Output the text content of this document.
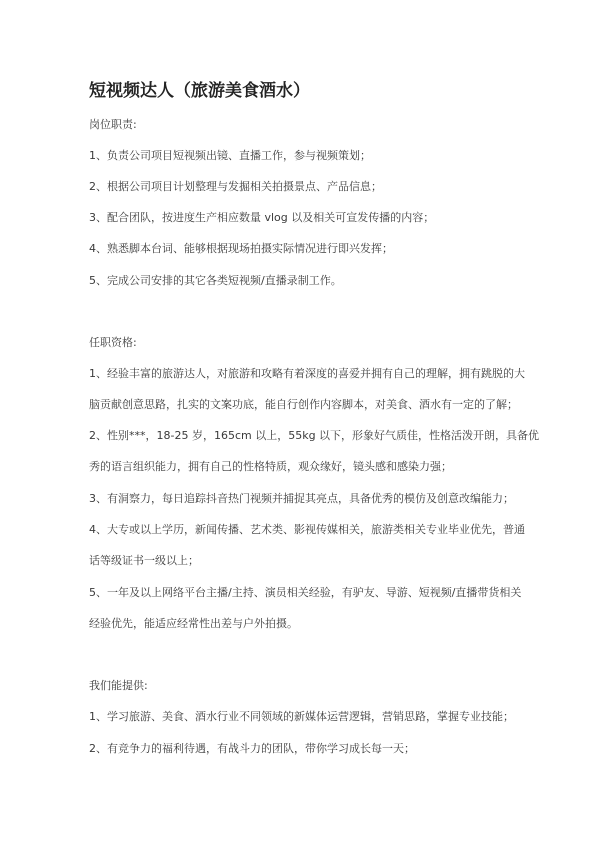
短视频达人（旅游美食酒水）
岗位职责:
1、负责公司项目短视频出镜、直播工作，参与视频策划；
2、根据公司项目计划整理与发掘相关拍摄景点、产品信息；
3、配合团队，按进度生产相应数量 vlog 以及相关可宣发传播的内容；
4、熟悉脚本台词、能够根据现场拍摄实际情况进行即兴发挥；
5、完成公司安排的其它各类短视频/直播录制工作。
任职资格:
1、经验丰富的旅游达人，对旅游和攻略有着深度的喜爱并拥有自己的理解，拥有跳脱的大
脑贡献创意思路，扎实的文案功底，能自行创作内容脚本，对美食、酒水有一定的了解；
2、性别***，18-25 岁，165cm 以上，55kg 以下，形象好气质佳，性格活泼开朗，具备优
秀的语言组织能力，拥有自己的性格特质，观众缘好，镜头感和感染力强；
3、有洞察力，每日追踪抖音热门视频并捕捉其亮点，具备优秀的模仿及创意改编能力；
4、大专或以上学历，新闻传播、艺术类、影视传媒相关，旅游类相关专业毕业优先，普通
话等级证书一级以上；
5、一年及以上网络平台主播/主持、演员相关经验，有驴友、导游、短视频/直播带货相关
经验优先，能适应经常性出差与户外拍摄。
我们能提供:
1、学习旅游、美食、酒水行业不同领域的新媒体运营逻辑，营销思路，掌握专业技能；
2、有竞争力的福利待遇，有战斗力的团队，带你学习成长每一天；
